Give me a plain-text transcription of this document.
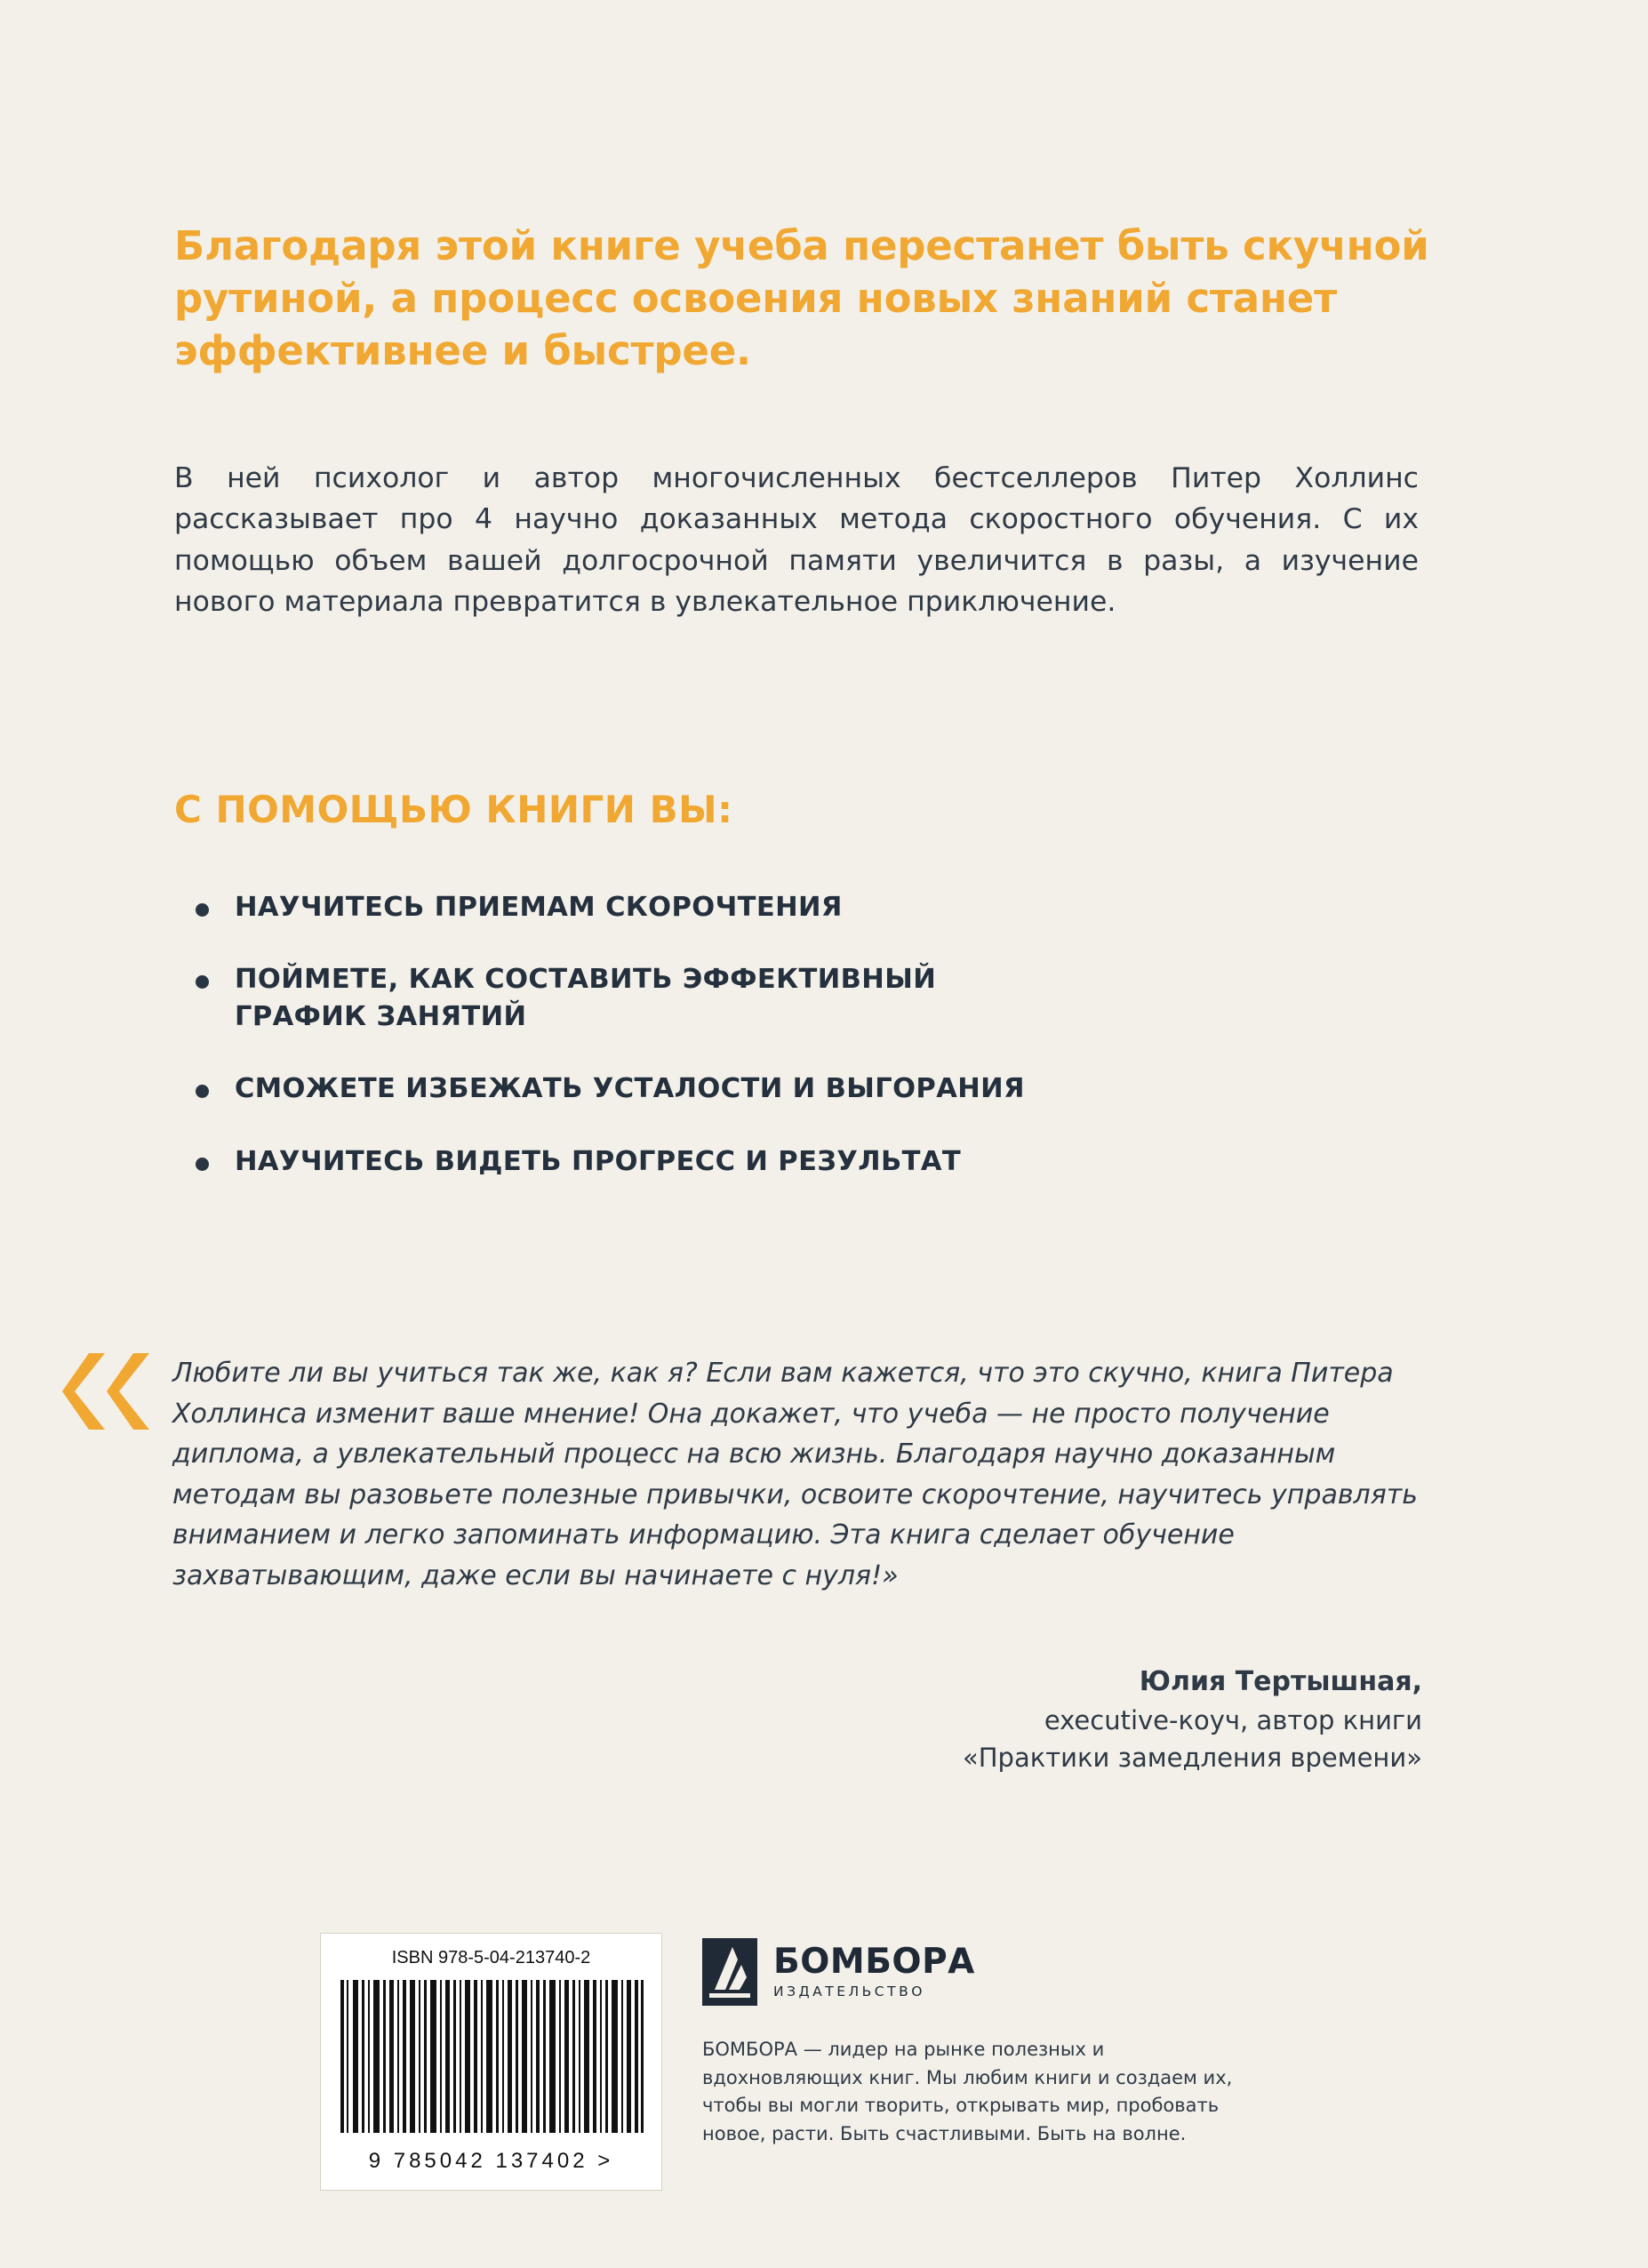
Благодаря этой книге учеба перестанет быть скучной рутиной, а процесс освоения новых знаний станет эффективнее и быстрее.
В ней психолог и автор многочисленных бестселлеров Питер Холлинс рассказывает про 4 научно доказанных метода скоростного обучения. С их помощью объем вашей долгосрочной памяти увеличится в разы, а изучение нового материала превратится в увлекательное приключение.
С ПОМОЩЬЮ КНИГИ ВЫ:
НАУЧИТЕСЬ ПРИЕМАМ СКОРОЧТЕНИЯ
ПОЙМЕТЕ, КАК СОСТАВИТЬ ЭФФЕКТИВНЫЙ ГРАФИК ЗАНЯТИЙ
СМОЖЕТЕ ИЗБЕЖАТЬ УСТАЛОСТИ И ВЫГОРАНИЯ
НАУЧИТЕСЬ ВИДЕТЬ ПРОГРЕСС И РЕЗУЛЬТАТ
Любите ли вы учиться так же, как я? Если вам кажется, что это скучно, книга Питера Холлинса изменит ваше мнение! Она докажет, что учеба — не просто получение диплома, а увлекательный процесс на всю жизнь. Благодаря научно доказанным методам вы разовьете полезные привычки, освоите скорочтение, научитесь управлять вниманием и легко запоминать информацию. Эта книга сделает обучение захватывающим, даже если вы начинаете с нуля!»
Юлия Тертышная,
executive-коуч, автор книги
«Практики замедления времени»
ISBN 978-5-04-213740-2
9 785042 137402 >
БОМБОРА
ИЗДАТЕЛЬСТВО
БОМБОРА — лидер на рынке полезных и вдохновляющих книг. Мы любим книги и создаем их, чтобы вы могли творить, открывать мир, пробовать новое, расти. Быть счастливыми. Быть на волне.
